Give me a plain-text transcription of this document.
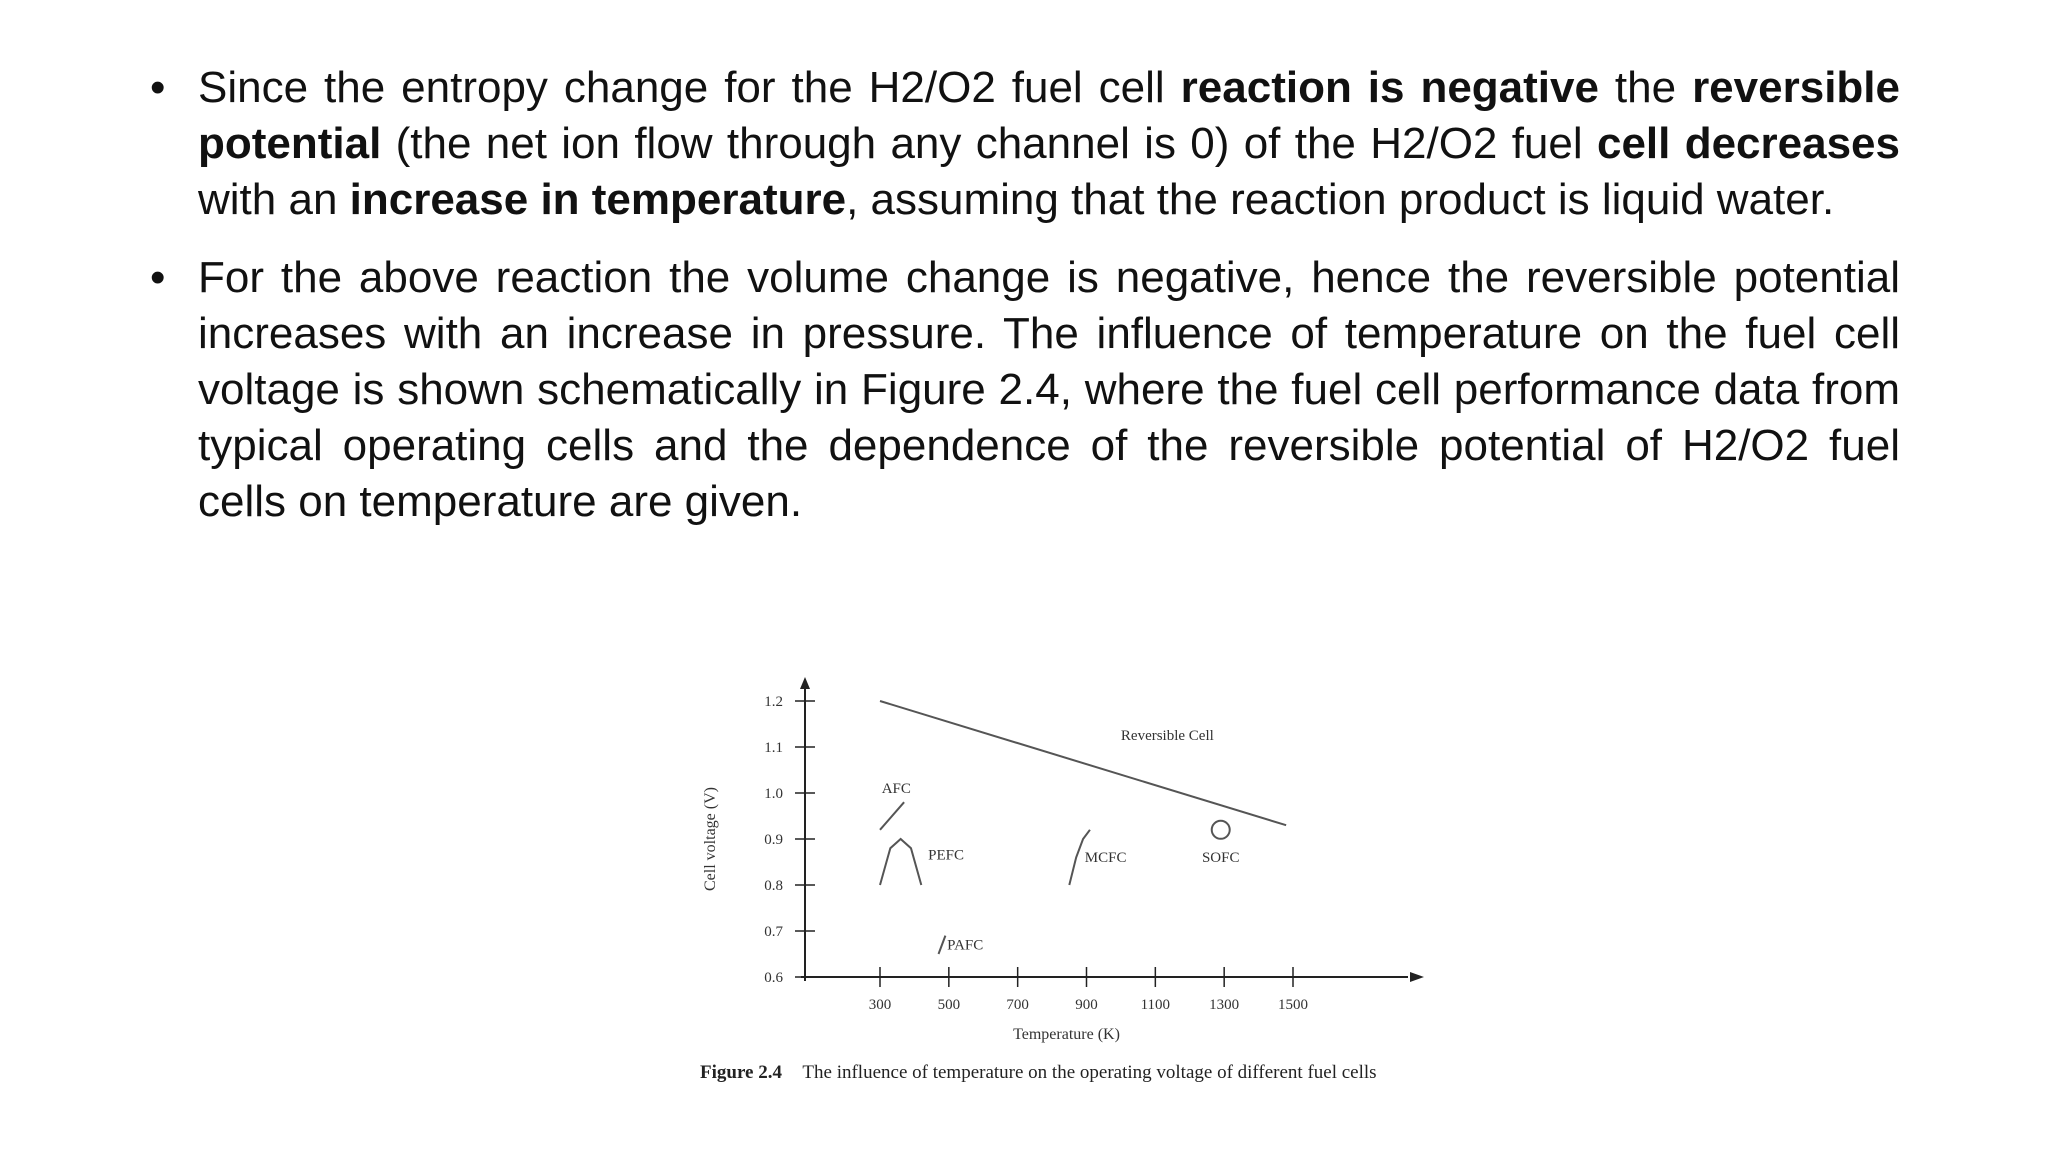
• Since the entropy change for the H2/O2 fuel cell reaction is negative the reversible potential (the net ion flow through any channel is 0) of the H2/O2 fuel cell decreases with an increase in temperature, assuming that the reaction product is liquid water.
• For the above reaction the volume change is negative, hence the reversible potential increases with an increase in pressure. The influence of temperature on the fuel cell voltage is shown schematically in Figure 2.4, where the fuel cell performance data from typical operating cells and the dependence of the reversible potential of H2/O2 fuel cells on temperature are given.
1.2
1.1
1.0
0.9
0.8
0.7
0.6
300	500	700	900	1100	1300	1500
Temperature (K)
Cell voltage (V)
Reversible Cell
AFC
PEFC
PAFC
MCFC	SOFC
Figure 2.4 The influence of temperature on the operating voltage of different fuel cells
